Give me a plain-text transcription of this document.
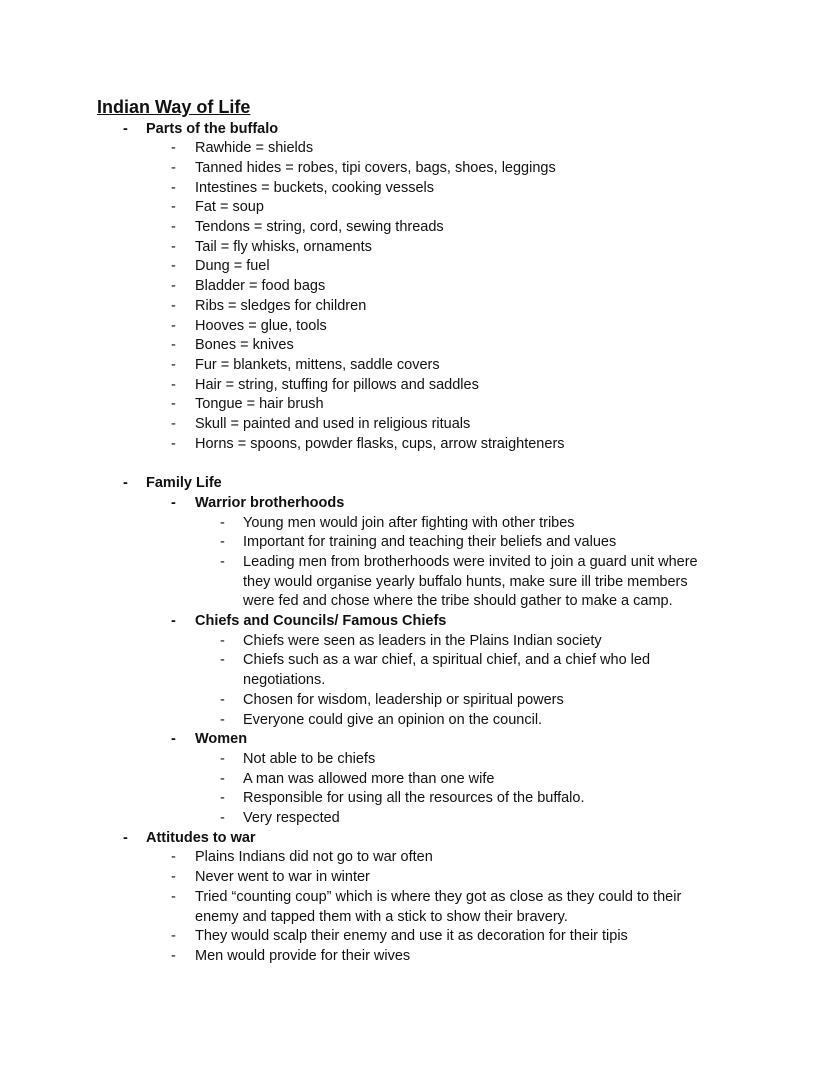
Indian Way of Life
- Parts of the buffalo
- Rawhide = shields
- Tanned hides = robes, tipi covers, bags, shoes, leggings
- Intestines = buckets, cooking vessels
- Fat = soup
- Tendons = string, cord, sewing threads
- Tail = fly whisks, ornaments
- Dung = fuel
- Bladder = food bags
- Ribs = sledges for children
- Hooves = glue, tools
- Bones = knives
- Fur = blankets, mittens, saddle covers
- Hair = string, stuffing for pillows and saddles
- Tongue = hair brush
- Skull = painted and used in religious rituals
- Horns = spoons, powder flasks, cups, arrow straighteners
- Family Life
- Warrior brotherhoods
- Young men would join after fighting with other tribes
- Important for training and teaching their beliefs and values
- Leading men from brotherhoods were invited to join a guard unit where
they would organise yearly buffalo hunts, make sure ill tribe members
were fed and chose where the tribe should gather to make a camp.
- Chiefs and Councils/ Famous Chiefs
- Chiefs were seen as leaders in the Plains Indian society
- Chiefs such as a war chief, a spiritual chief, and a chief who led
negotiations.
- Chosen for wisdom, leadership or spiritual powers
- Everyone could give an opinion on the council.
- Women
- Not able to be chiefs
- A man was allowed more than one wife
- Responsible for using all the resources of the buffalo.
- Very respected
- Attitudes to war
- Plains Indians did not go to war often
- Never went to war in winter
- Tried “counting coup” which is where they got as close as they could to their
enemy and tapped them with a stick to show their bravery.
- They would scalp their enemy and use it as decoration for their tipis
- Men would provide for their wives
